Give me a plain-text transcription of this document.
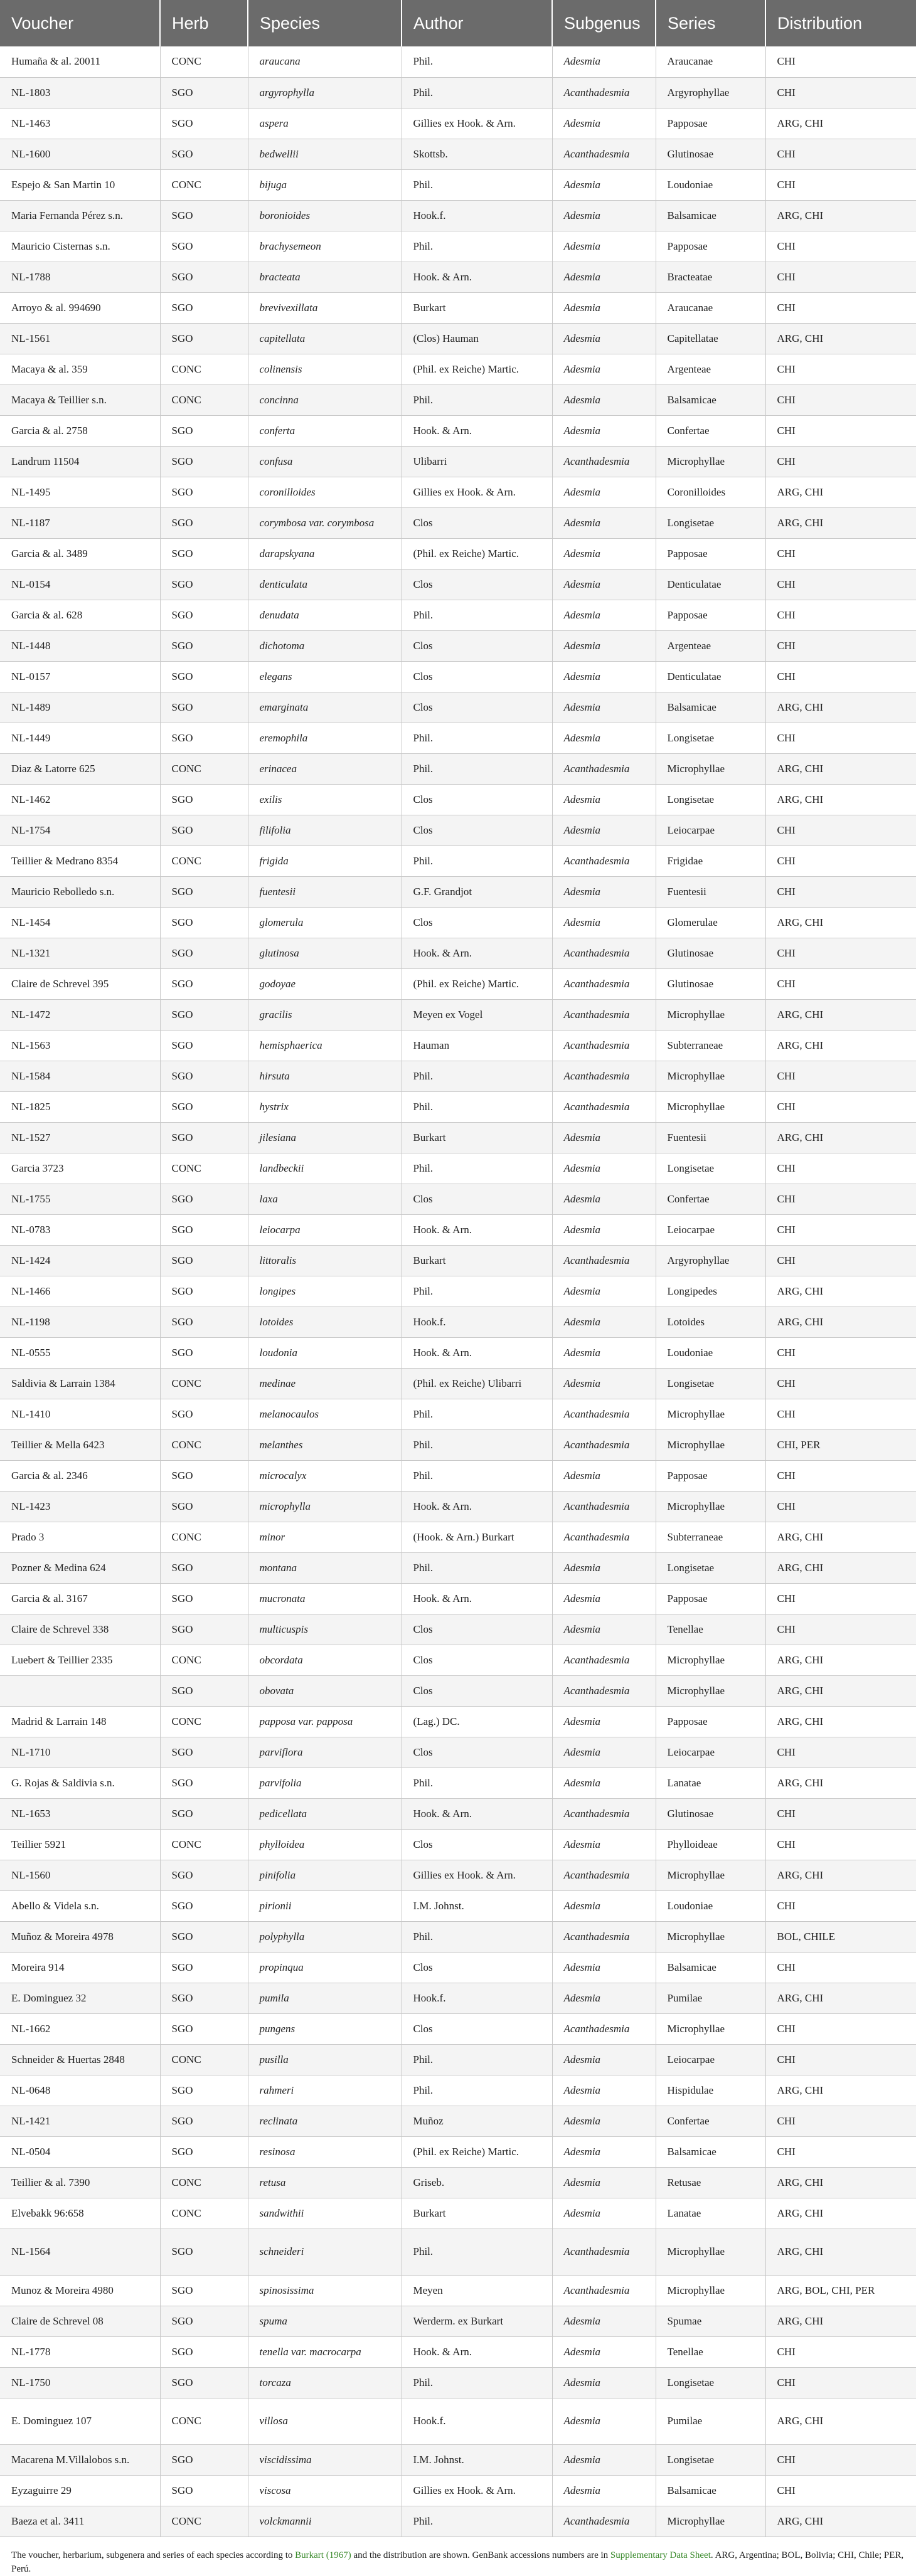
Voucher	Herb	Species	Author	Subgenus	Series	Distribution
Humaña & al. 20011	CONC	araucana	Phil.	Adesmia	Araucanae	CHI
NL-1803	SGO	argyrophylla	Phil.	Acanthadesmia	Argyrophyllae	CHI
NL-1463	SGO	aspera	Gillies ex Hook. & Arn.	Adesmia	Papposae	ARG, CHI
NL-1600	SGO	bedwellii	Skottsb.	Acanthadesmia	Glutinosae	CHI
Espejo & San Martin 10	CONC	bijuga	Phil.	Adesmia	Loudoniae	CHI
Maria Fernanda Pérez s.n.	SGO	boronioides	Hook.f.	Adesmia	Balsamicae	ARG, CHI
Mauricio Cisternas s.n.	SGO	brachysemeon	Phil.	Adesmia	Papposae	CHI
NL-1788	SGO	bracteata	Hook. & Arn.	Adesmia	Bracteatae	CHI
Arroyo & al. 994690	SGO	brevivexillata	Burkart	Adesmia	Araucanae	CHI
NL-1561	SGO	capitellata	(Clos) Hauman	Adesmia	Capitellatae	ARG, CHI
Macaya & al. 359	CONC	colinensis	(Phil. ex Reiche) Martic.	Adesmia	Argenteae	CHI
Macaya & Teillier s.n.	CONC	concinna	Phil.	Adesmia	Balsamicae	CHI
Garcia & al. 2758	SGO	conferta	Hook. & Arn.	Adesmia	Confertae	CHI
Landrum 11504	SGO	confusa	Ulibarri	Acanthadesmia	Microphyllae	CHI
NL-1495	SGO	coronilloides	Gillies ex Hook. & Arn.	Adesmia	Coronilloides	ARG, CHI
NL-1187	SGO	corymbosa var. corymbosa	Clos	Adesmia	Longisetae	ARG, CHI
Garcia & al. 3489	SGO	darapskyana	(Phil. ex Reiche) Martic.	Adesmia	Papposae	CHI
NL-0154	SGO	denticulata	Clos	Adesmia	Denticulatae	CHI
Garcia & al. 628	SGO	denudata	Phil.	Adesmia	Papposae	CHI
NL-1448	SGO	dichotoma	Clos	Adesmia	Argenteae	CHI
NL-0157	SGO	elegans	Clos	Adesmia	Denticulatae	CHI
NL-1489	SGO	emarginata	Clos	Adesmia	Balsamicae	ARG, CHI
NL-1449	SGO	eremophila	Phil.	Adesmia	Longisetae	CHI
Diaz & Latorre 625	CONC	erinacea	Phil.	Acanthadesmia	Microphyllae	ARG, CHI
NL-1462	SGO	exilis	Clos	Adesmia	Longisetae	ARG, CHI
NL-1754	SGO	filifolia	Clos	Adesmia	Leiocarpae	CHI
Teillier & Medrano 8354	CONC	frigida	Phil.	Acanthadesmia	Frigidae	CHI
Mauricio Rebolledo s.n.	SGO	fuentesii	G.F. Grandjot	Adesmia	Fuentesii	CHI
NL-1454	SGO	glomerula	Clos	Adesmia	Glomerulae	ARG, CHI
NL-1321	SGO	glutinosa	Hook. & Arn.	Acanthadesmia	Glutinosae	CHI
Claire de Schrevel 395	SGO	godoyae	(Phil. ex Reiche) Martic.	Acanthadesmia	Glutinosae	CHI
NL-1472	SGO	gracilis	Meyen ex Vogel	Acanthadesmia	Microphyllae	ARG, CHI
NL-1563	SGO	hemisphaerica	Hauman	Acanthadesmia	Subterraneae	ARG, CHI
NL-1584	SGO	hirsuta	Phil.	Acanthadesmia	Microphyllae	CHI
NL-1825	SGO	hystrix	Phil.	Acanthadesmia	Microphyllae	CHI
NL-1527	SGO	jilesiana	Burkart	Adesmia	Fuentesii	ARG, CHI
Garcia 3723	CONC	landbeckii	Phil.	Adesmia	Longisetae	CHI
NL-1755	SGO	laxa	Clos	Adesmia	Confertae	CHI
NL-0783	SGO	leiocarpa	Hook. & Arn.	Adesmia	Leiocarpae	CHI
NL-1424	SGO	littoralis	Burkart	Acanthadesmia	Argyrophyllae	CHI
NL-1466	SGO	longipes	Phil.	Adesmia	Longipedes	ARG, CHI
NL-1198	SGO	lotoides	Hook.f.	Adesmia	Lotoides	ARG, CHI
NL-0555	SGO	loudonia	Hook. & Arn.	Adesmia	Loudoniae	CHI
Saldivia & Larrain 1384	CONC	medinae	(Phil. ex Reiche) Ulibarri	Adesmia	Longisetae	CHI
NL-1410	SGO	melanocaulos	Phil.	Acanthadesmia	Microphyllae	CHI
Teillier & Mella 6423	CONC	melanthes	Phil.	Acanthadesmia	Microphyllae	CHI, PER
Garcia & al. 2346	SGO	microcalyx	Phil.	Adesmia	Papposae	CHI
NL-1423	SGO	microphylla	Hook. & Arn.	Acanthadesmia	Microphyllae	CHI
Prado 3	CONC	minor	(Hook. & Arn.) Burkart	Acanthadesmia	Subterraneae	ARG, CHI
Pozner & Medina 624	SGO	montana	Phil.	Adesmia	Longisetae	ARG, CHI
Garcia & al. 3167	SGO	mucronata	Hook. & Arn.	Adesmia	Papposae	CHI
Claire de Schrevel 338	SGO	multicuspis	Clos	Adesmia	Tenellae	CHI
Luebert & Teillier 2335	CONC	obcordata	Clos	Acanthadesmia	Microphyllae	ARG, CHI
	SGO	obovata	Clos	Acanthadesmia	Microphyllae	ARG, CHI
Madrid & Larrain 148	CONC	papposa var. papposa	(Lag.) DC.	Adesmia	Papposae	ARG, CHI
NL-1710	SGO	parviflora	Clos	Adesmia	Leiocarpae	CHI
G. Rojas & Saldivia s.n.	SGO	parvifolia	Phil.	Adesmia	Lanatae	ARG, CHI
NL-1653	SGO	pedicellata	Hook. & Arn.	Acanthadesmia	Glutinosae	CHI
Teillier 5921	CONC	phylloidea	Clos	Adesmia	Phylloideae	CHI
NL-1560	SGO	pinifolia	Gillies ex Hook. & Arn.	Acanthadesmia	Microphyllae	ARG, CHI
Abello & Videla s.n.	SGO	pirionii	I.M. Johnst.	Adesmia	Loudoniae	CHI
Muñoz & Moreira 4978	SGO	polyphylla	Phil.	Acanthadesmia	Microphyllae	BOL, CHILE
Moreira 914	SGO	propinqua	Clos	Adesmia	Balsamicae	CHI
E. Dominguez 32	SGO	pumila	Hook.f.	Adesmia	Pumilae	ARG, CHI
NL-1662	SGO	pungens	Clos	Acanthadesmia	Microphyllae	CHI
Schneider & Huertas 2848	CONC	pusilla	Phil.	Adesmia	Leiocarpae	CHI
NL-0648	SGO	rahmeri	Phil.	Adesmia	Hispidulae	ARG, CHI
NL-1421	SGO	reclinata	Muñoz	Adesmia	Confertae	CHI
NL-0504	SGO	resinosa	(Phil. ex Reiche) Martic.	Adesmia	Balsamicae	CHI
Teillier & al. 7390	CONC	retusa	Griseb.	Adesmia	Retusae	ARG, CHI
Elvebakk 96:658	CONC	sandwithii	Burkart	Adesmia	Lanatae	ARG, CHI
NL-1564	SGO	schneideri	Phil.	Acanthadesmia	Microphyllae	ARG, CHI
Munoz & Moreira 4980	SGO	spinosissima	Meyen	Acanthadesmia	Microphyllae	ARG, BOL, CHI, PER
Claire de Schrevel 08	SGO	spuma	Werderm. ex Burkart	Adesmia	Spumae	ARG, CHI
NL-1778	SGO	tenella var. macrocarpa	Hook. & Arn.	Adesmia	Tenellae	CHI
NL-1750	SGO	torcaza	Phil.	Adesmia	Longisetae	CHI
E. Dominguez 107	CONC	villosa	Hook.f.	Adesmia	Pumilae	ARG, CHI
Macarena M.Villalobos s.n.	SGO	viscidissima	I.M. Johnst.	Adesmia	Longisetae	CHI
Eyzaguirre 29	SGO	viscosa	Gillies ex Hook. & Arn.	Adesmia	Balsamicae	CHI
Baeza et al. 3411	CONC	volckmannii	Phil.	Acanthadesmia	Microphyllae	ARG, CHI
The voucher, herbarium, subgenera and series of each species according to Burkart (1967) and the distribution are shown. GenBank accessions numbers are in Supplementary Data Sheet. ARG, Argentina; BOL, Bolivia; CHI, Chile; PER, Perú.
